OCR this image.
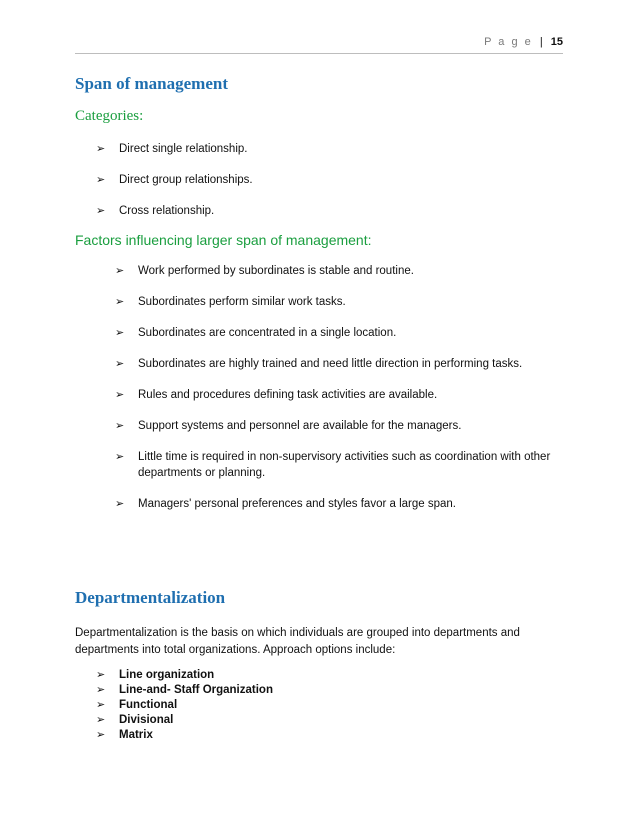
P a g e | 15
Span of management
Categories:
➢ Direct single relationship.
➢ Direct group relationships.
➢ Cross relationship.
Factors influencing larger span of management:
➢ Work performed by subordinates is stable and routine.
➢ Subordinates perform similar work tasks.
➢ Subordinates are concentrated in a single location.
➢ Subordinates are highly trained and need little direction in performing tasks.
➢ Rules and procedures defining task activities are available.
➢ Support systems and personnel are available for the managers.
➢ Little time is required in non-supervisory activities such as coordination with other departments or planning.
➢ Managers' personal preferences and styles favor a large span.
Departmentalization
Departmentalization is the basis on which individuals are grouped into departments and departments into total organizations. Approach options include:
➢ Line organization
➢ Line-and- Staff Organization
➢ Functional
➢ Divisional
➢ Matrix
